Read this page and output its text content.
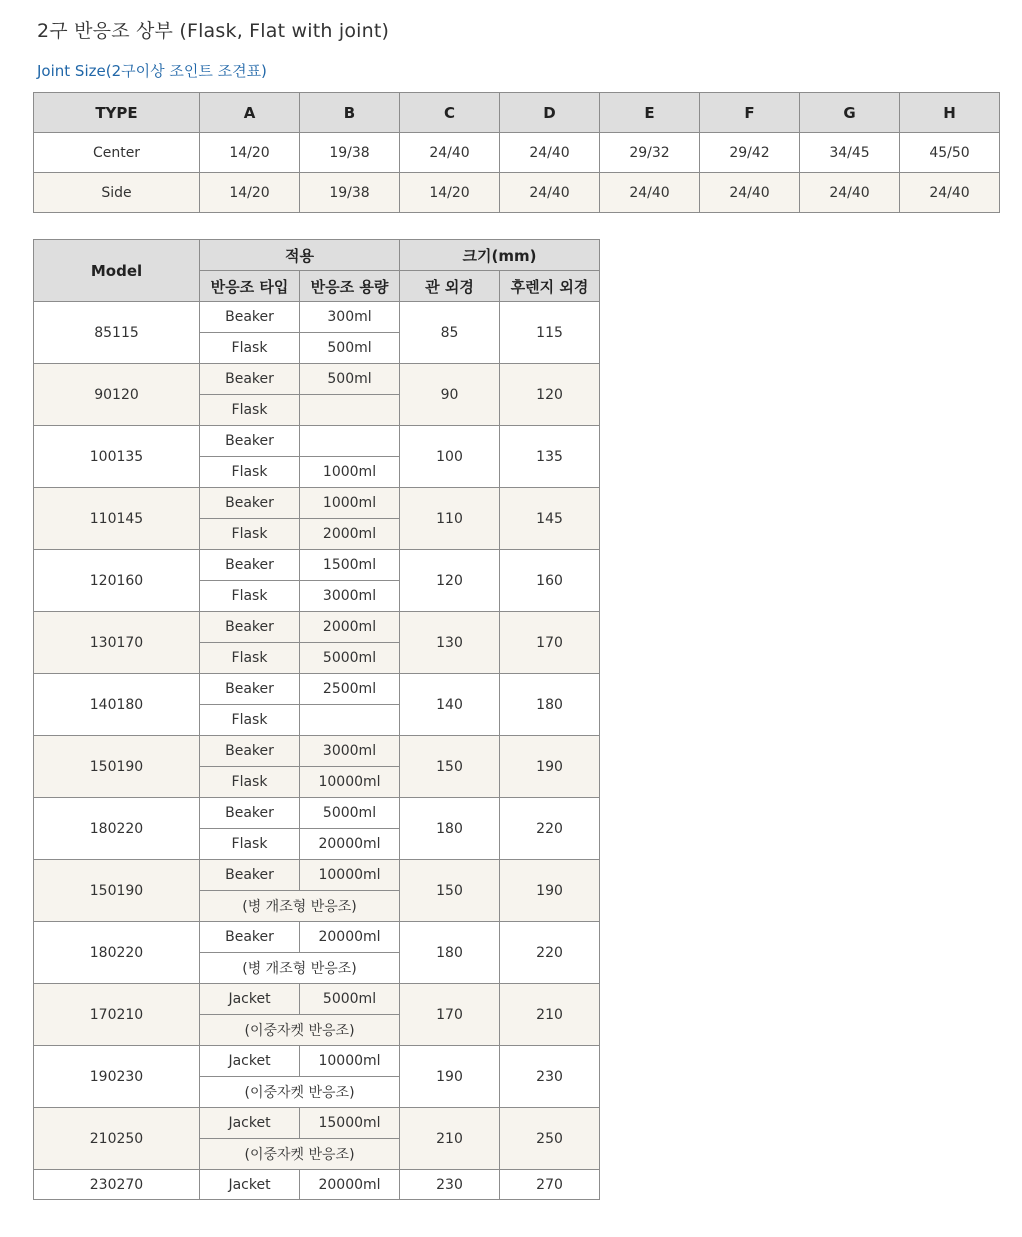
2구 반응조 상부 (Flask, Flat with joint)
Joint Size(2구이상 조인트 조견표)
TYPE	A	B	C	D	E	F	G	H
Center	14/20	19/38	24/40	24/40	29/32	29/42	34/45	45/50
Side	14/20	19/38	14/20	24/40	24/40	24/40	24/40	24/40
Model	적용		크기(mm)	
	반응조 타입	반응조 용량	관 외경	후렌지 외경
85115	Beaker	300ml	85	115
	Flask	500ml		
90120	Beaker	500ml	90	120
	Flask			
100135	Beaker		100	135
	Flask	1000ml		
110145	Beaker	1000ml	110	145
	Flask	2000ml		
120160	Beaker	1500ml	120	160
	Flask	3000ml		
130170	Beaker	2000ml	130	170
	Flask	5000ml		
140180	Beaker	2500ml	140	180
	Flask			
150190	Beaker	3000ml	150	190
	Flask	10000ml		
180220	Beaker	5000ml	180	220
	Flask	20000ml		
150190	Beaker	10000ml	150	190
	(병 개조형 반응조)			
180220	Beaker	20000ml	180	220
	(병 개조형 반응조)			
170210	Jacket	5000ml	170	210
	(이중자켓 반응조)			
190230	Jacket	10000ml	190	230
	(이중자켓 반응조)			
210250	Jacket	15000ml	210	250
	(이중자켓 반응조)			
230270	Jacket	20000ml	230	270
